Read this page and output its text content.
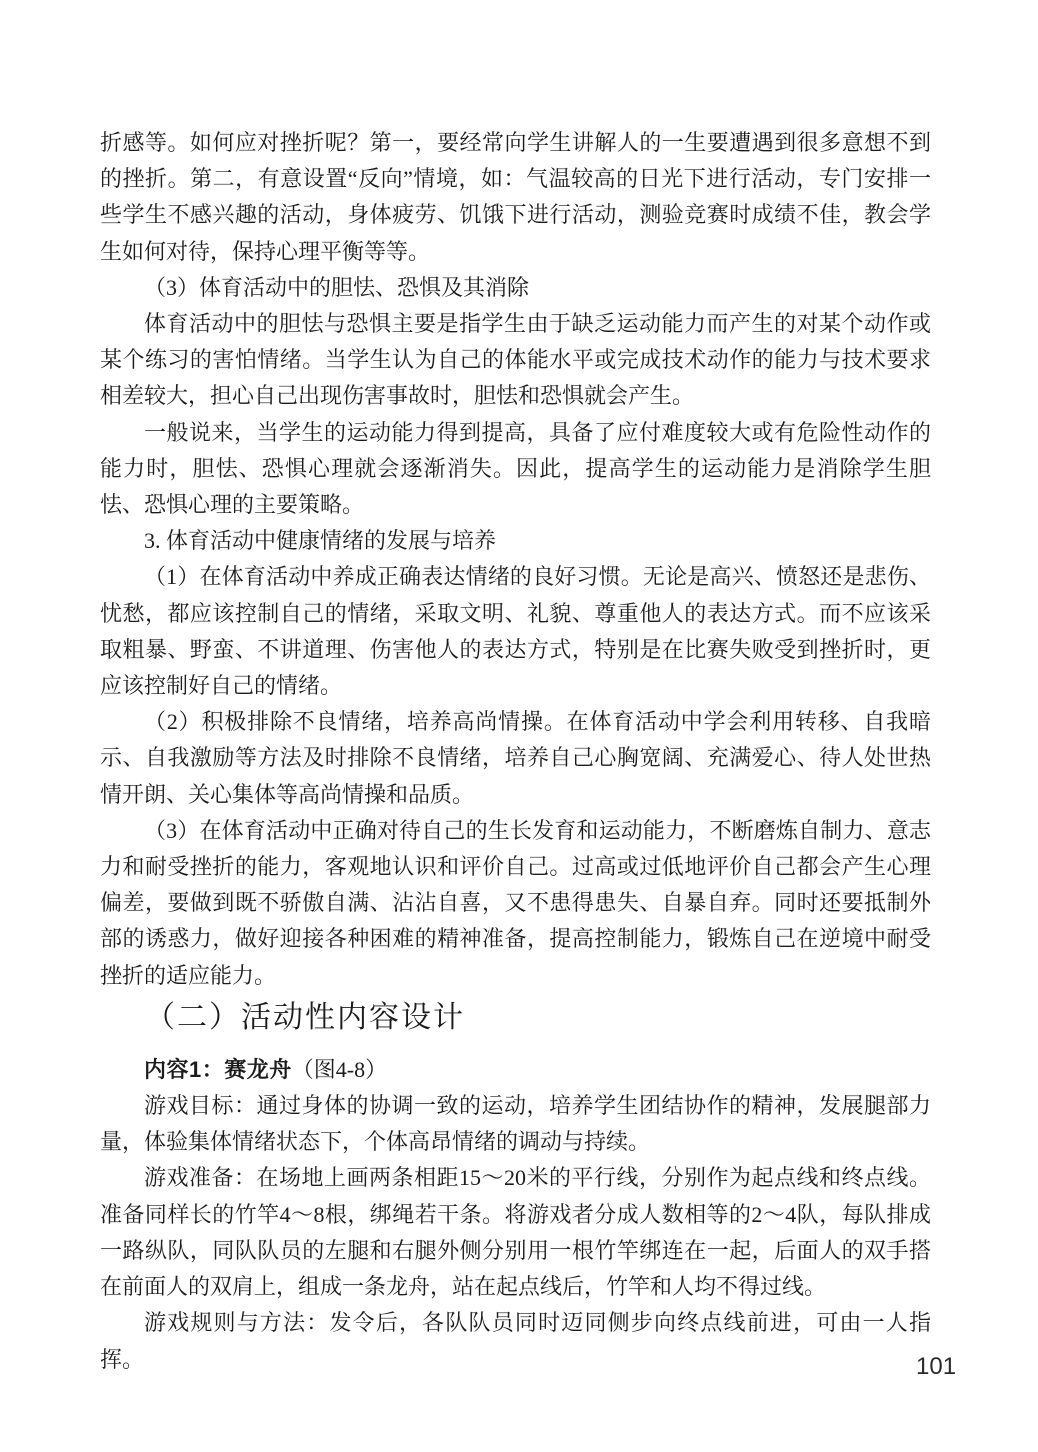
折感等。如何应对挫折呢？第一，要经常向学生讲解人的一生要遭遇到很多意想不到的挫折。第二，有意设置“反向”情境，如：气温较高的日光下进行活动，专门安排一些学生不感兴趣的活动，身体疲劳、饥饿下进行活动，测验竞赛时成绩不佳，教会学生如何对待，保持心理平衡等等。

（3）体育活动中的胆怯、恐惧及其消除

体育活动中的胆怯与恐惧主要是指学生由于缺乏运动能力而产生的对某个动作或某个练习的害怕情绪。当学生认为自己的体能水平或完成技术动作的能力与技术要求相差较大，担心自己出现伤害事故时，胆怯和恐惧就会产生。

一般说来，当学生的运动能力得到提高，具备了应付难度较大或有危险性动作的能力时，胆怯、恐惧心理就会逐渐消失。因此，提高学生的运动能力是消除学生胆怯、恐惧心理的主要策略。

3. 体育活动中健康情绪的发展与培养

（1）在体育活动中养成正确表达情绪的良好习惯。无论是高兴、愤怒还是悲伤、忧愁，都应该控制自己的情绪，采取文明、礼貌、尊重他人的表达方式。而不应该采取粗暴、野蛮、不讲道理、伤害他人的表达方式，特别是在比赛失败受到挫折时，更应该控制好自己的情绪。

（2）积极排除不良情绪，培养高尚情操。在体育活动中学会利用转移、自我暗示、自我激励等方法及时排除不良情绪，培养自己心胸宽阔、充满爱心、待人处世热情开朗、关心集体等高尚情操和品质。

（3）在体育活动中正确对待自己的生长发育和运动能力，不断磨炼自制力、意志力和耐受挫折的能力，客观地认识和评价自己。过高或过低地评价自己都会产生心理偏差，要做到既不骄傲自满、沾沾自喜，又不患得患失、自暴自弃。同时还要抵制外部的诱惑力，做好迎接各种困难的精神准备，提高控制能力，锻炼自己在逆境中耐受挫折的适应能力。

（二）活动性内容设计

内容1：赛龙舟（图4-8）

游戏目标：通过身体的协调一致的运动，培养学生团结协作的精神，发展腿部力量，体验集体情绪状态下，个体高昂情绪的调动与持续。

游戏准备：在场地上画两条相距15～20米的平行线，分别作为起点线和终点线。准备同样长的竹竿4～8根，绑绳若干条。将游戏者分成人数相等的2～4队，每队排成一路纵队，同队队员的左腿和右腿外侧分别用一根竹竿绑连在一起，后面人的双手搭在前面人的双肩上，组成一条龙舟，站在起点线后，竹竿和人均不得过线。

游戏规则与方法：发令后，各队队员同时迈同侧步向终点线前进，可由一人指挥。	101
